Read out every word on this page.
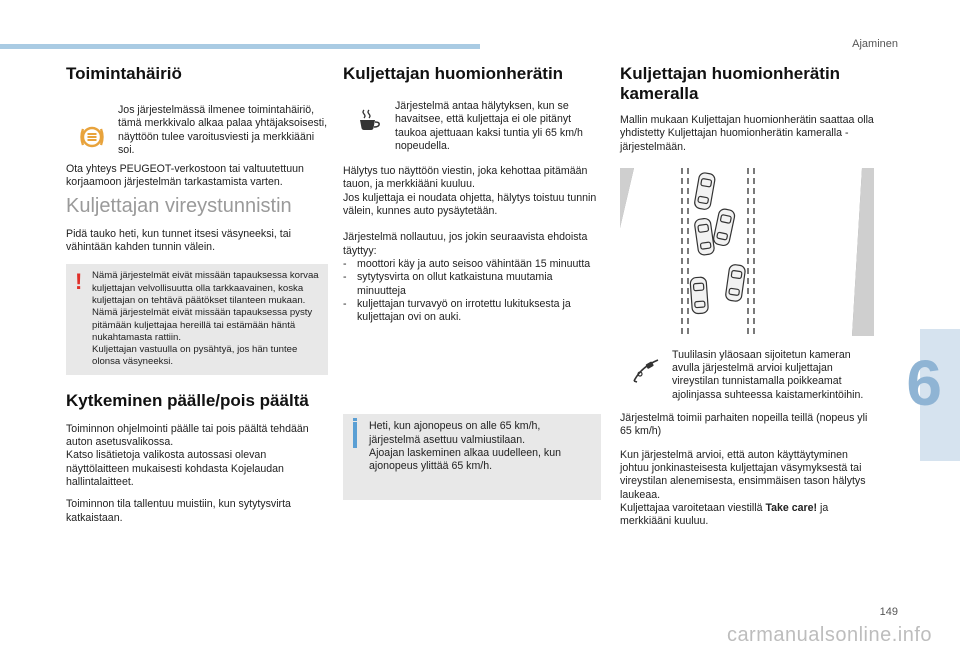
Ajaminen
6
149
carmanualsonline.info
Toimintahäiriö

Jos järjestelmässä ilmenee toimintahäiriö, tämä merkkivalo alkaa palaa yhtäjaksoisesti, näyttöön tulee varoitusviesti ja merkkiääni soi.

Ota yhteys PEUGEOT-verkostoon tai valtuutettuun korjaamoon järjestelmän tarkastamista varten.

Kuljettajan vireystunnistin

Pidä tauko heti, kun tunnet itsesi väsyneeksi, tai vähintään kahden tunnin välein.

! Nämä järjestelmät eivät missään tapauksessa korvaa kuljettajan velvollisuutta olla tarkkaavainen, koska kuljettajan on tehtävä päätökset tilanteen mukaan. Nämä järjestelmät eivät missään tapauksessa pysty pitämään kuljettajaa hereillä tai estämään häntä nukahtamasta rattiin.
Kuljettajan vastuulla on pysähtyä, jos hän tuntee olonsa väsyneeksi.

Kytkeminen päälle/pois päältä

Toiminnon ohjelmointi päälle tai pois päältä tehdään auton asetusvalikossa.
Katso lisätietoja valikosta autossasi olevan näyttölaitteen mukaisesti kohdasta Kojelaudan hallintalaitteet.

Toiminnon tila tallentuu muistiin, kun sytytysvirta katkaistaan.

Kuljettajan huomionherätin

Järjestelmä antaa hälytyksen, kun se havaitsee, että kuljettaja ei ole pitänyt taukoa ajettuaan kaksi tuntia yli 65 km/h nopeudella.

Hälytys tuo näyttöön viestin, joka kehottaa pitämään tauon, ja merkkiääni kuuluu.
Jos kuljettaja ei noudata ohjetta, hälytys toistuu tunnin välein, kunnes auto pysäytetään.

Järjestelmä nollautuu, jos jokin seuraavista ehdoista täyttyy:

- moottori käy ja auto seisoo vähintään 15 minuutta
- sytytysvirta on ollut katkaistuna muutamia minuutteja
- kuljettajan turvavyö on irrotettu lukituksesta ja kuljettajan ovi on auki.

Heti, kun ajonopeus on alle 65 km/h, järjestelmä asettuu valmiustilaan.
Ajoajan laskeminen alkaa uudelleen, kun ajonopeus ylittää 65 km/h.

Kuljettajan huomionherätin kameralla

Mallin mukaan Kuljettajan huomionherätin saattaa olla yhdistetty Kuljettajan huomionherätin kameralla -järjestelmään.

Tuulilasin yläosaan sijoitetun kameran avulla järjestelmä arvioi kuljettajan vireystilan tunnistamalla poikkeamat ajolinjassa suhteessa kaistamerkintöihin.

Järjestelmä toimii parhaiten nopeilla teillä (nopeus yli 65 km/h)

Kun järjestelmä arvioi, että auton käyttäytyminen johtuu jonkinasteisesta kuljettajan väsymyksestä tai vireystilan alenemisesta, ensimmäisen tason hälytys laukeaa.

Kuljettajaa varoitetaan viestillä Take care! ja merkkiääni kuuluu.
